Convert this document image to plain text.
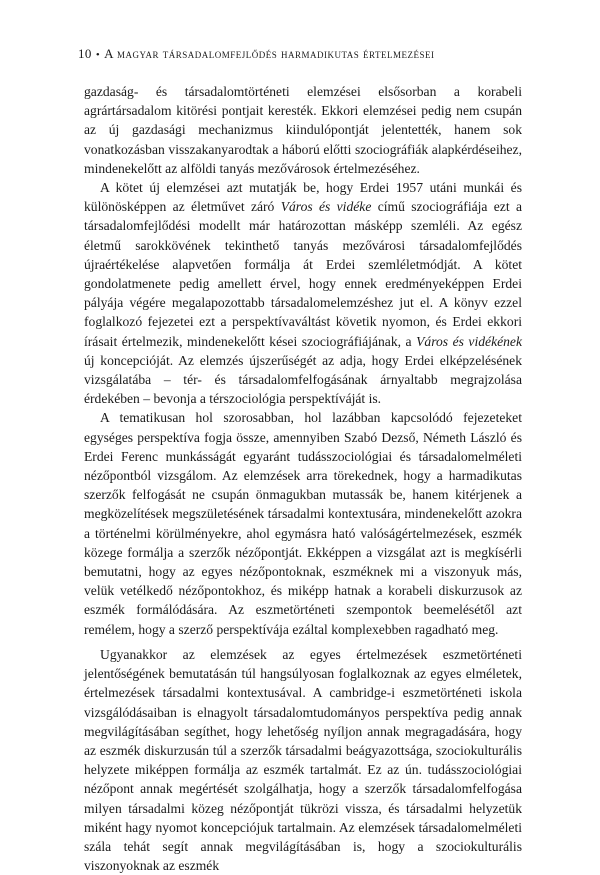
10 • A magyar társadalomfejlődés harmadikutas értelmezései

gazdaság- és társadalomtörténeti elemzései elsősorban a korabeli agrártársadalom kitörési pontjait keresték. Ekkori elemzései pedig nem csupán az új gazdasági mechanizmus kiindulópontját jelentették, hanem sok vonatkozásban visszakanyarodtak a háború előtti szociográfiák alapkérdéseihez, mindenekelőtt az alföldi tanyás mezővárosok értelmezéséhez.

A kötet új elemzései azt mutatják be, hogy Erdei 1957 utáni munkái és különösképpen az életművet záró Város és vidéke című szociográfiája ezt a társadalomfejlődési modellt már határozottan másképp szemléli. Az egész életmű sarokkövének tekinthető tanyás mezővárosi társadalomfejlődés újraértékelése alapvetően formálja át Erdei szemléletmódját. A kötet gondolatmenete pedig amellett érvel, hogy ennek eredményeképpen Erdei pályája végére megalapozottabb társadalomelemzéshez jut el. A könyv ezzel foglalkozó fejezetei ezt a perspektívaváltást követik nyomon, és Erdei ekkori írásait értelmezik, mindenekelőtt kései szociográfiájának, a Város és vidékének új koncepcióját. Az elemzés újszerűségét az adja, hogy Erdei elképzelésének vizsgálatába – tér- és társadalomfelfogásának árnyaltabb megrajzolása érdekében – bevonja a térszociológia perspektíváját is.

A tematikusan hol szorosabban, hol lazábban kapcsolódó fejezeteket egységes perspektíva fogja össze, amennyiben Szabó Dezső, Németh László és Erdei Ferenc munkásságát egyaránt tudásszociológiai és társadalomelméleti nézőpontból vizsgálom. Az elemzések arra törekednek, hogy a harmadikutas szerzők felfogását ne csupán önmagukban mutassák be, hanem kitérjenek a megközelítések megszületésének társadalmi kontextusára, mindenekelőtt azokra a történelmi körülményekre, ahol egymásra ható valóságértelmezések, eszmék közege formálja a szerzők nézőpontját. Ekképpen a vizsgálat azt is megkísérli bemutatni, hogy az egyes nézőpontoknak, eszméknek mi a viszonyuk más, velük vetélkedő nézőpontokhoz, és miképp hatnak a korabeli diskurzusok az eszmék formálódására. Az eszmetörténeti szempontok beemelésétől azt remélem, hogy a szerző perspektívája ezáltal komplexebben ragadható meg.

Ugyanakkor az elemzések az egyes értelmezések eszmetörténeti jelentőségének bemutatásán túl hangsúlyosan foglalkoznak az egyes elméletek, értelmezések társadalmi kontextusával. A cambridge-i eszmetörténeti iskola vizsgálódásaiban is elnagyolt társadalomtudományos perspektíva pedig annak megvilágításában segíthet, hogy lehetőség nyíljon annak megragadására, hogy az eszmék diskurzusán túl a szerzők társadalmi beágyazottsága, szociokulturális helyzete miképpen formálja az eszmék tartalmát. Ez az ún. tudásszociológiai nézőpont annak megértését szolgálhatja, hogy a szerzők társadalomfelfogása milyen társadalmi közeg nézőpontját tükrözi vissza, és társadalmi helyzetük miként hagy nyomot koncepciójuk tartalmain. Az elemzések társadalomelméleti szála tehát segít annak megvilágításában is, hogy a szociokulturális viszonyoknak az eszmék
